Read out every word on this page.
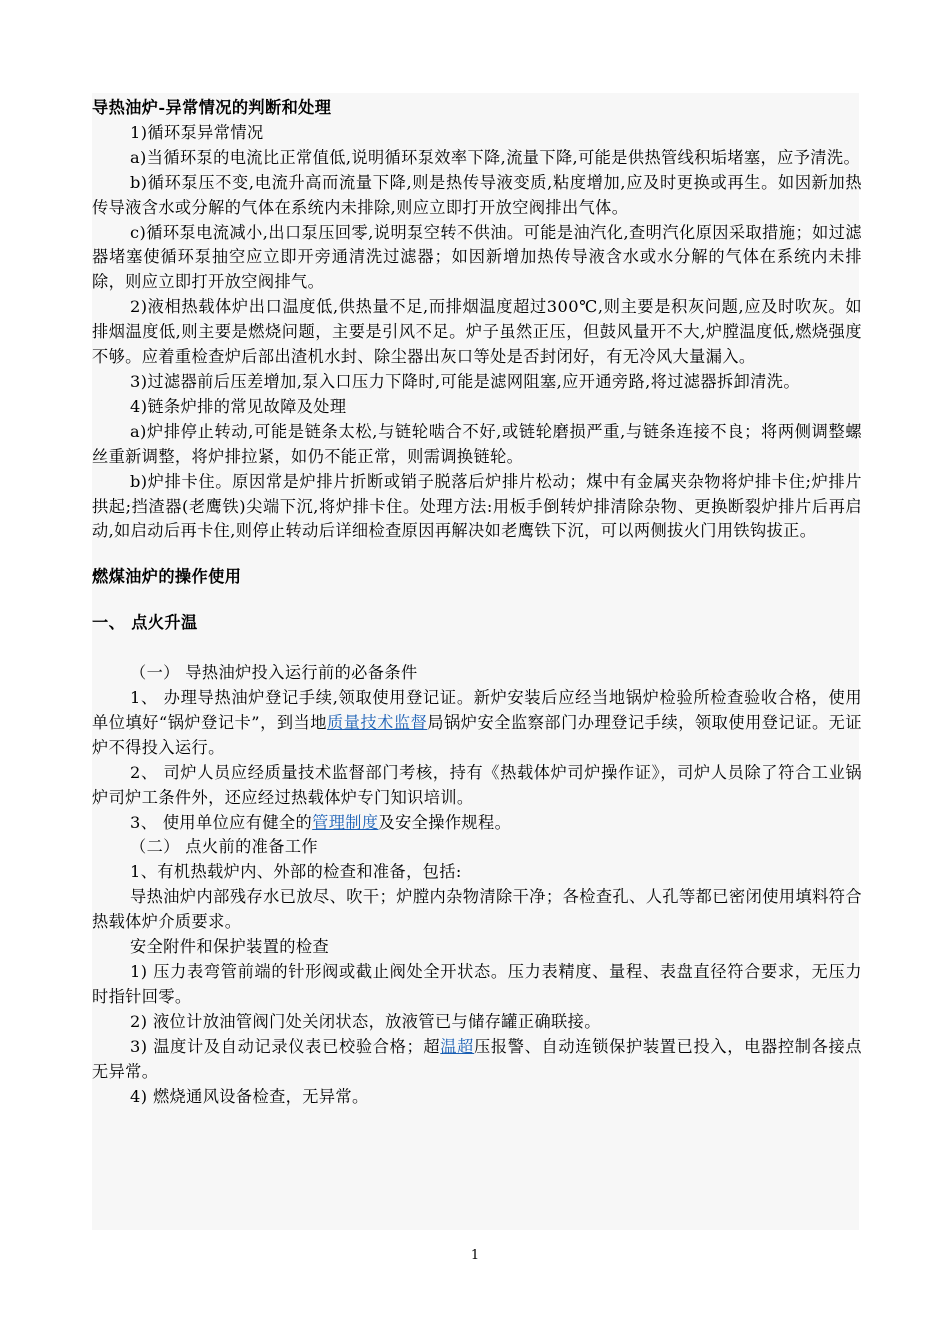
导热油炉-异常情况的判断和处理

1)循环泵异常情况

a)当循环泵的电流比正常值低,说明循环泵效率下降,流量下降,可能是供热管线积垢堵塞，应予清洗。

b)循环泵压不变,电流升高而流量下降,则是热传导液变质,粘度增加,应及时更换或再生。如因新加热传导液含水或分解的气体在系统内未排除,则应立即打开放空阀排出气体。

c)循环泵电流减小,出口泵压回零,说明泵空转不供油。可能是油汽化,查明汽化原因采取措施；如过滤器堵塞使循环泵抽空应立即开旁通清洗过滤器；如因新增加热传导液含水或水分解的气体在系统内未排除，则应立即打开放空阀排气。

2)液相热载体炉出口温度低,供热量不足,而排烟温度超过300℃,则主要是积灰问题,应及时吹灰。如排烟温度低,则主要是燃烧问题，主要是引风不足。炉子虽然正压，但鼓风量开不大,炉膛温度低,燃烧强度不够。应着重检查炉后部出渣机水封、除尘器出灰口等处是否封闭好，有无冷风大量漏入。

3)过滤器前后压差增加,泵入口压力下降时,可能是滤网阻塞,应开通旁路,将过滤器拆卸清洗。

4)链条炉排的常见故障及处理

a)炉排停止转动,可能是链条太松,与链轮啮合不好,或链轮磨损严重,与链条连接不良；将两侧调整螺丝重新调整，将炉排拉紧，如仍不能正常，则需调换链轮。

b)炉排卡住。原因常是炉排片折断或销子脱落后炉排片松动；煤中有金属夹杂物将炉排卡住;炉排片拱起;挡渣器(老鹰铁)尖端下沉,将炉排卡住。处理方法:用板手倒转炉排清除杂物、更换断裂炉排片后再启动,如启动后再卡住,则停止转动后详细检查原因再解决如老鹰铁下沉，可以两侧拔火门用铁钩拔正。

燃煤油炉的操作使用

一、 点火升温

（一） 导热油炉投入运行前的必备条件

1、 办理导热油炉登记手续,领取使用登记证。新炉安装后应经当地锅炉检验所检查验收合格，使用单位填好“锅炉登记卡”，到当地质量技术监督局锅炉安全监察部门办理登记手续，领取使用登记证。无证炉不得投入运行。

2、 司炉人员应经质量技术监督部门考核，持有《热载体炉司炉操作证》，司炉人员除了符合工业锅炉司炉工条件外，还应经过热载体炉专门知识培训。

3、 使用单位应有健全的管理制度及安全操作规程。

（二） 点火前的准备工作

1、有机热载炉内、外部的检查和准备，包括:

导热油炉内部残存水已放尽、吹干；炉膛内杂物清除干净；各检查孔、人孔等都已密闭使用填料符合热载体炉介质要求。

安全附件和保护装置的检查

1) 压力表弯管前端的针形阀或截止阀处全开状态。压力表精度、量程、表盘直径符合要求，无压力时指针回零。

2) 液位计放油管阀门处关闭状态，放液管已与储存罐正确联接。

3) 温度计及自动记录仪表已校验合格；超温超压报警、自动连锁保护装置已投入，电器控制各接点无异常。

4) 燃烧通风设备检查，无异常。

1
